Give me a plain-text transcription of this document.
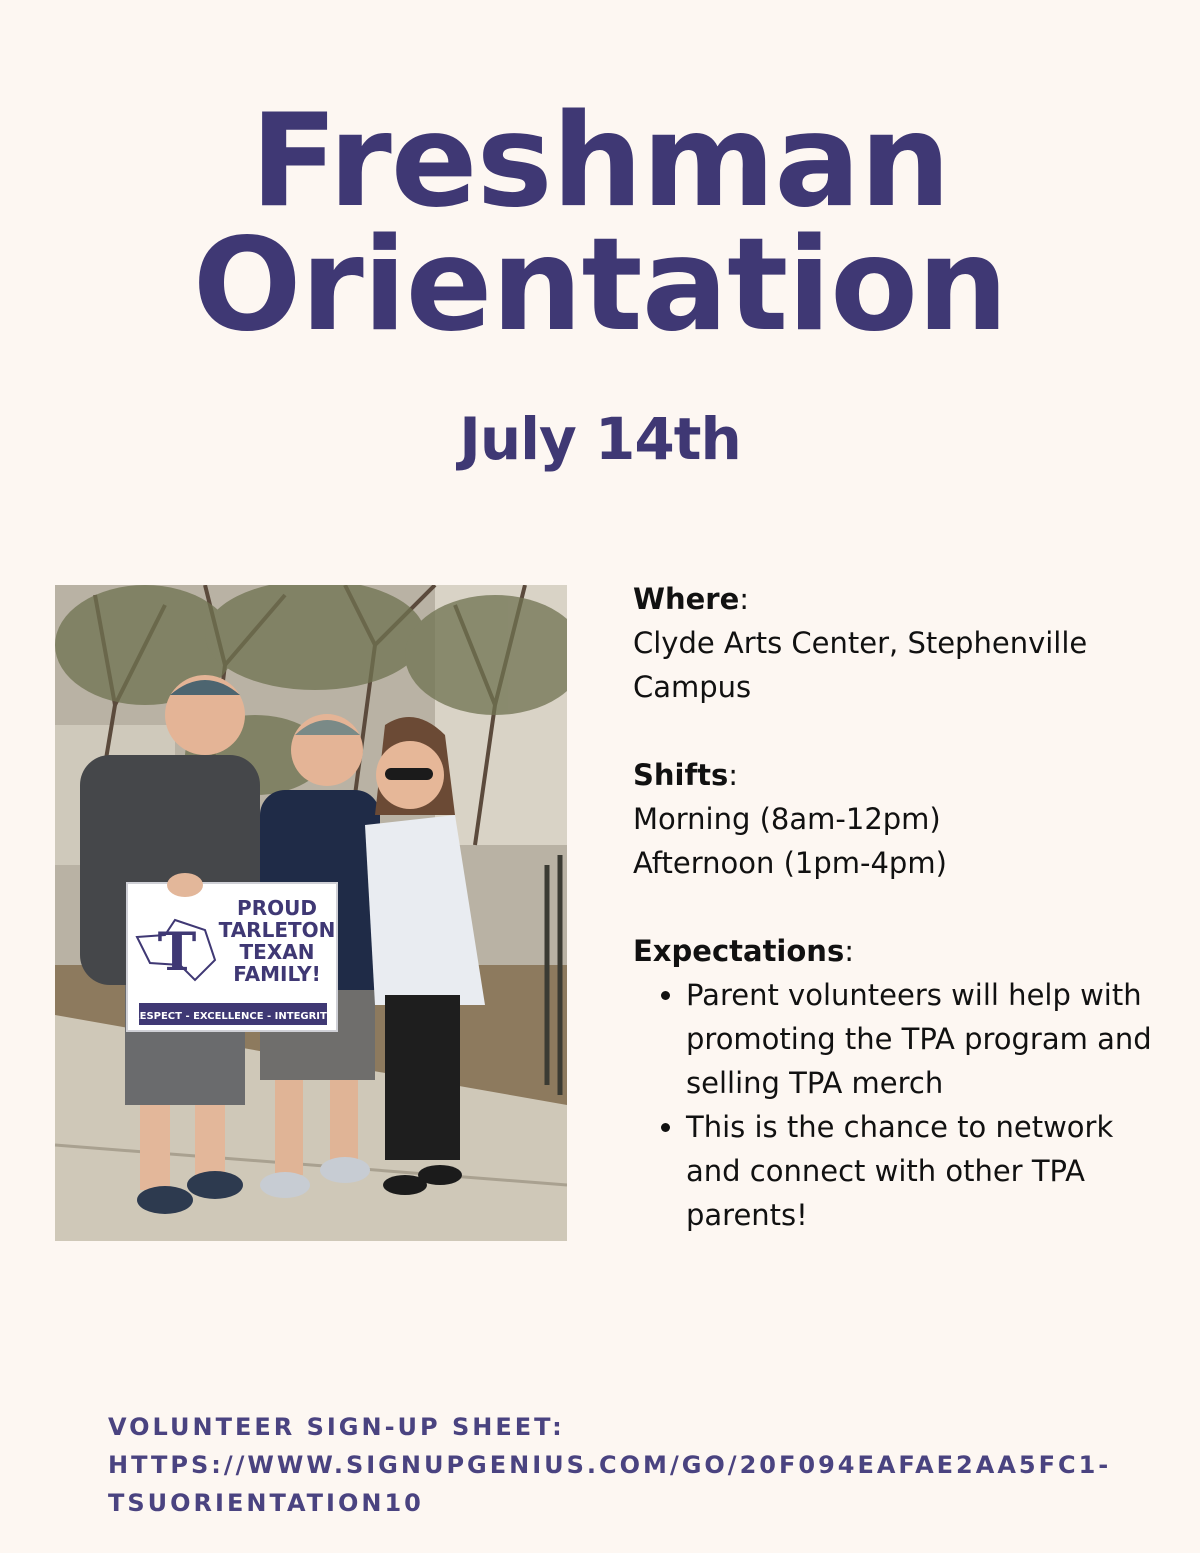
Freshman
Orientation
July 14th
RESPECT - EXCELLENCE - INTEGRITY
T
PROUD
TARLETON
TEXAN
FAMILY!
Where:
Clyde Arts Center, Stephenville
Campus
Shifts:
Morning (8am-12pm)
Afternoon (1pm-4pm)
Expectations:
• Parent volunteers will help with promoting the TPA program and selling TPA merch
• This is the chance to network and connect with other TPA parents!
VOLUNTEER SIGN-UP SHEET:
HTTPS://WWW.SIGNUPGENIUS.COM/GO/20F094EAFAE2AA5FC1-
TSUORIENTATION10
